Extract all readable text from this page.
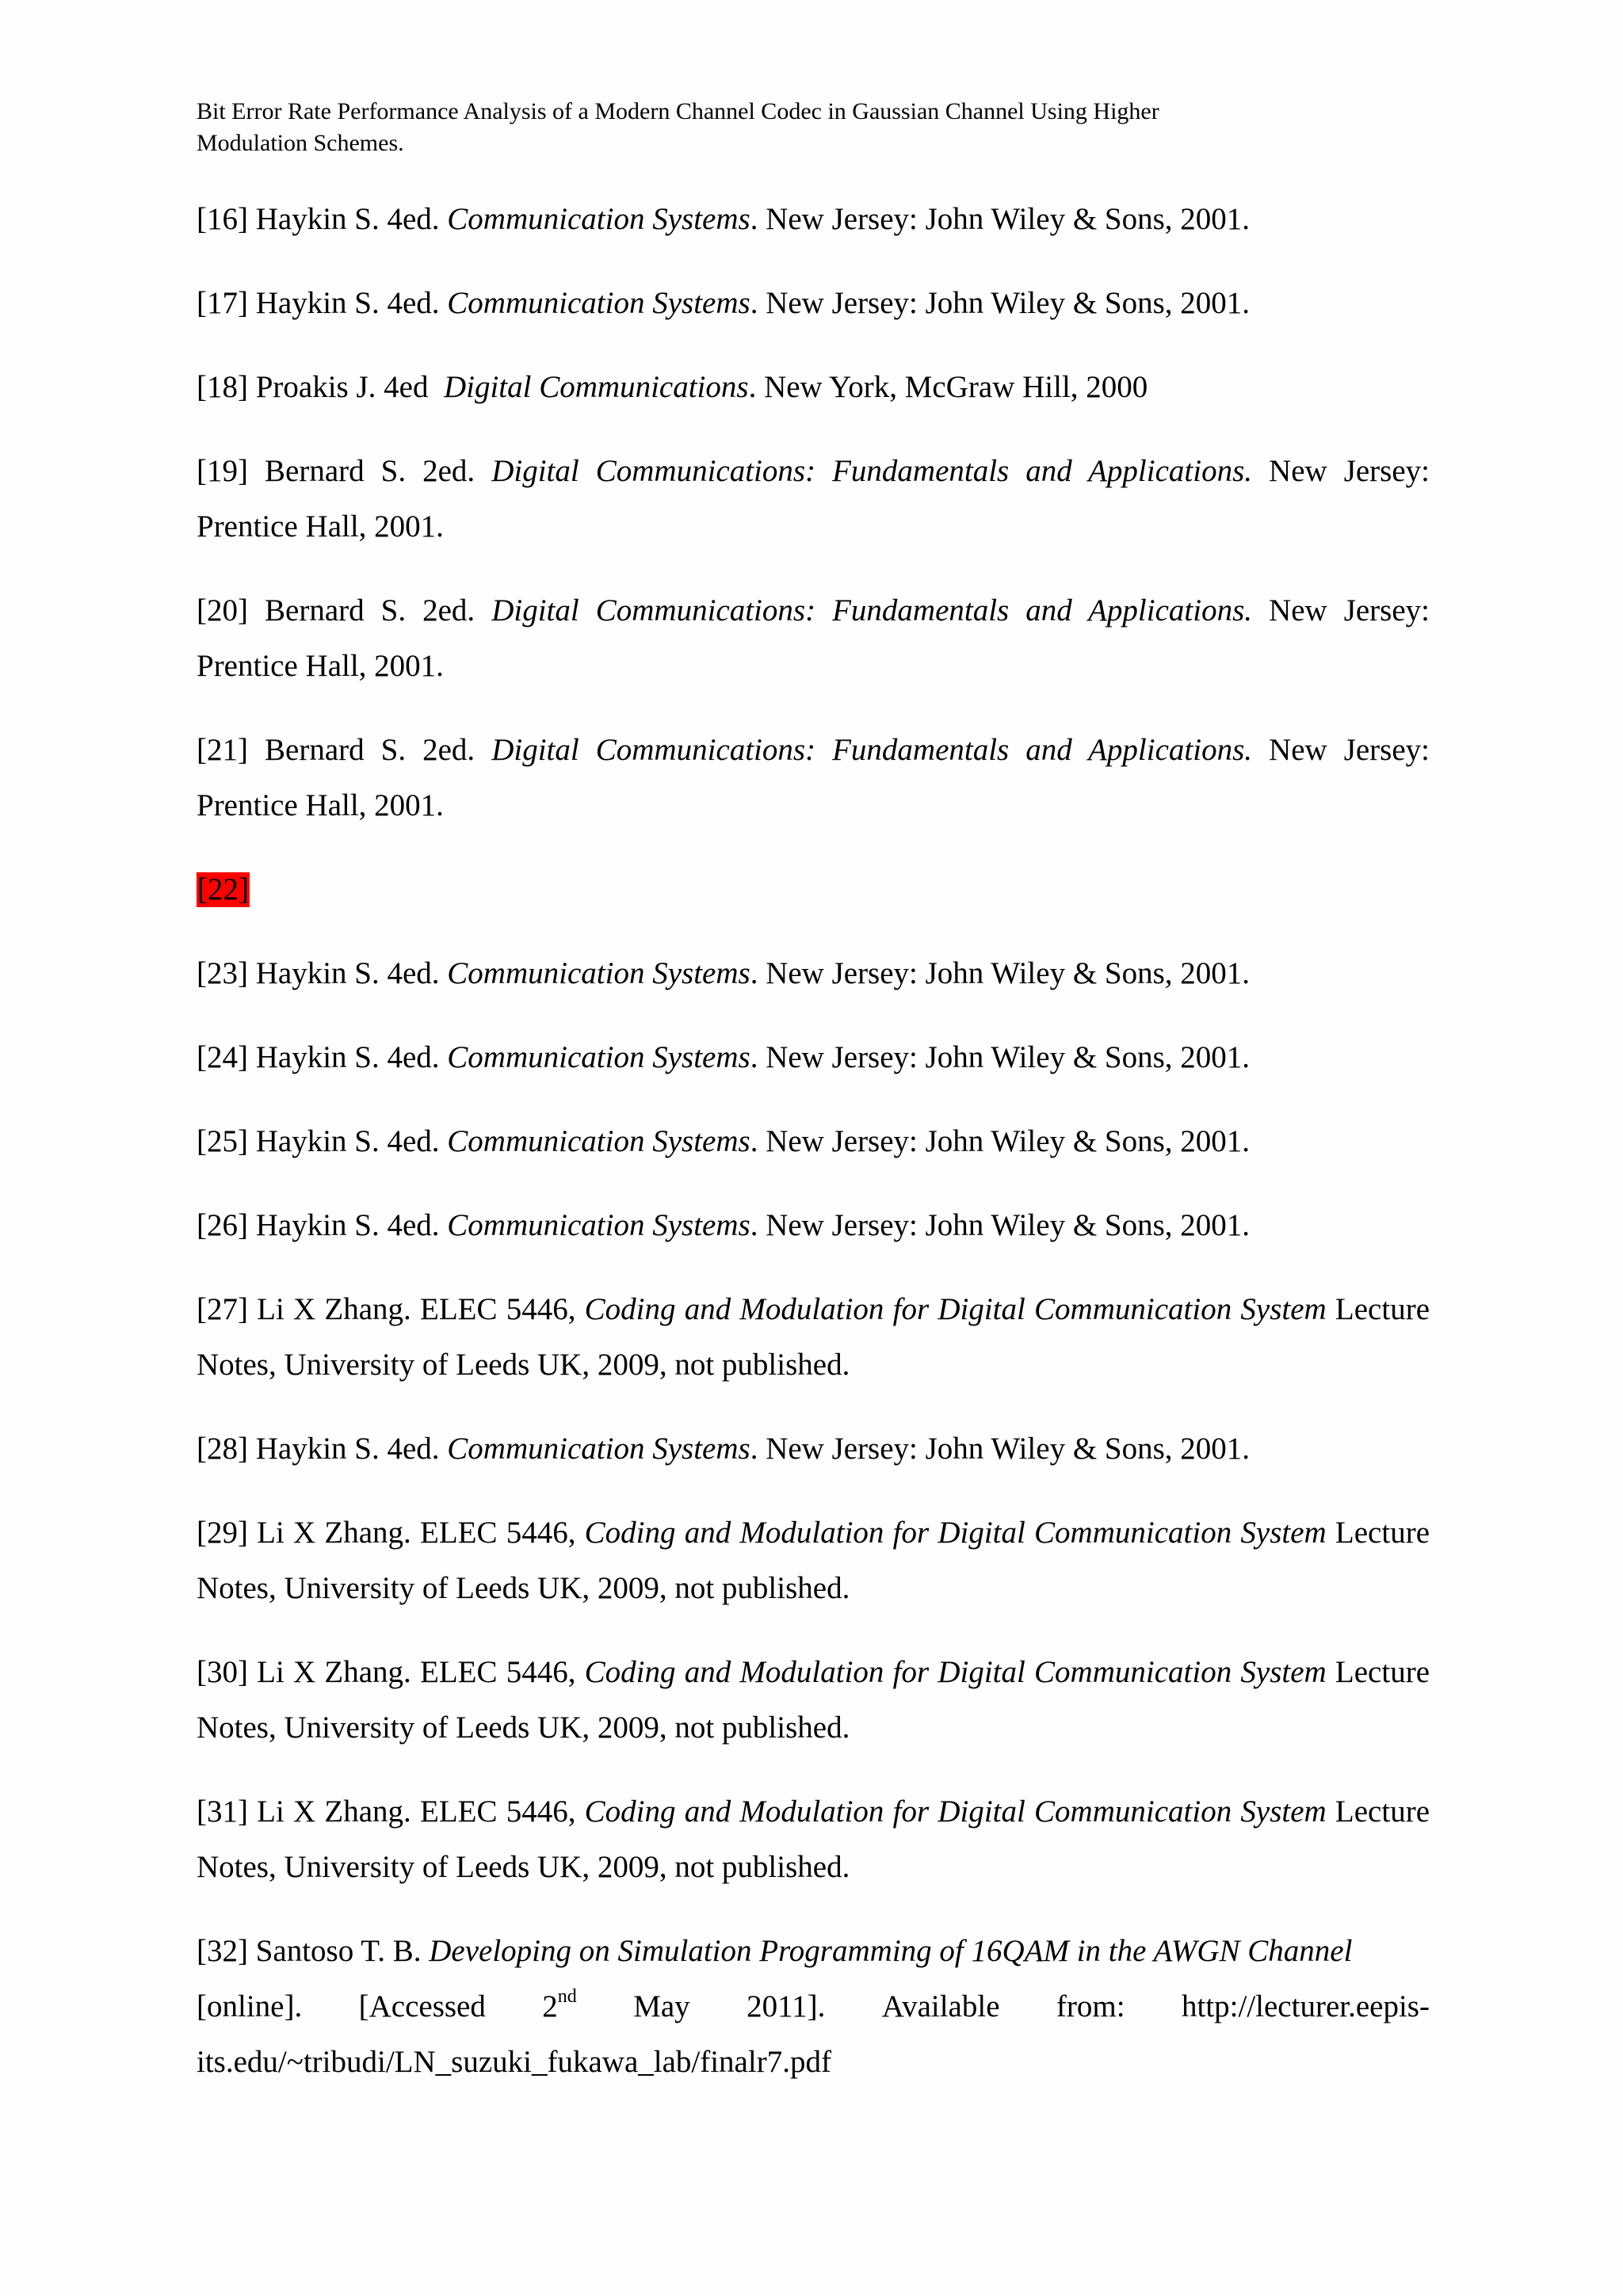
Bit Error Rate Performance Analysis of a Modern Channel Codec in Gaussian Channel Using Higher
Modulation Schemes.

[16] Haykin S. 4ed. Communication Systems. New Jersey: John Wiley & Sons, 2001.

[17] Haykin S. 4ed. Communication Systems. New Jersey: John Wiley & Sons, 2001.

[18] Proakis J. 4ed  Digital Communications. New York, McGraw Hill, 2000

[19] Bernard S. 2ed. Digital Communications: Fundamentals and Applications. New Jersey: Prentice Hall, 2001.

[20] Bernard S. 2ed. Digital Communications: Fundamentals and Applications. New Jersey: Prentice Hall, 2001.

[21] Bernard S. 2ed. Digital Communications: Fundamentals and Applications. New Jersey: Prentice Hall, 2001.

[22]

[23] Haykin S. 4ed. Communication Systems. New Jersey: John Wiley & Sons, 2001.

[24] Haykin S. 4ed. Communication Systems. New Jersey: John Wiley & Sons, 2001.

[25] Haykin S. 4ed. Communication Systems. New Jersey: John Wiley & Sons, 2001.

[26] Haykin S. 4ed. Communication Systems. New Jersey: John Wiley & Sons, 2001.

[27] Li X Zhang. ELEC 5446, Coding and Modulation for Digital Communication System Lecture Notes, University of Leeds UK, 2009, not published.

[28] Haykin S. 4ed. Communication Systems. New Jersey: John Wiley & Sons, 2001.

[29] Li X Zhang. ELEC 5446, Coding and Modulation for Digital Communication System Lecture Notes, University of Leeds UK, 2009, not published.

[30] Li X Zhang. ELEC 5446, Coding and Modulation for Digital Communication System Lecture Notes, University of Leeds UK, 2009, not published.

[31] Li X Zhang. ELEC 5446, Coding and Modulation for Digital Communication System Lecture Notes, University of Leeds UK, 2009, not published.

[32] Santoso T. B. Developing on Simulation Programming of 16QAM in the AWGN Channel
[online]. [Accessed 2nd May 2011]. Available from: http://lecturer.eepis-
its.edu/~tribudi/LN_suzuki_fukawa_lab/finalr7.pdf
